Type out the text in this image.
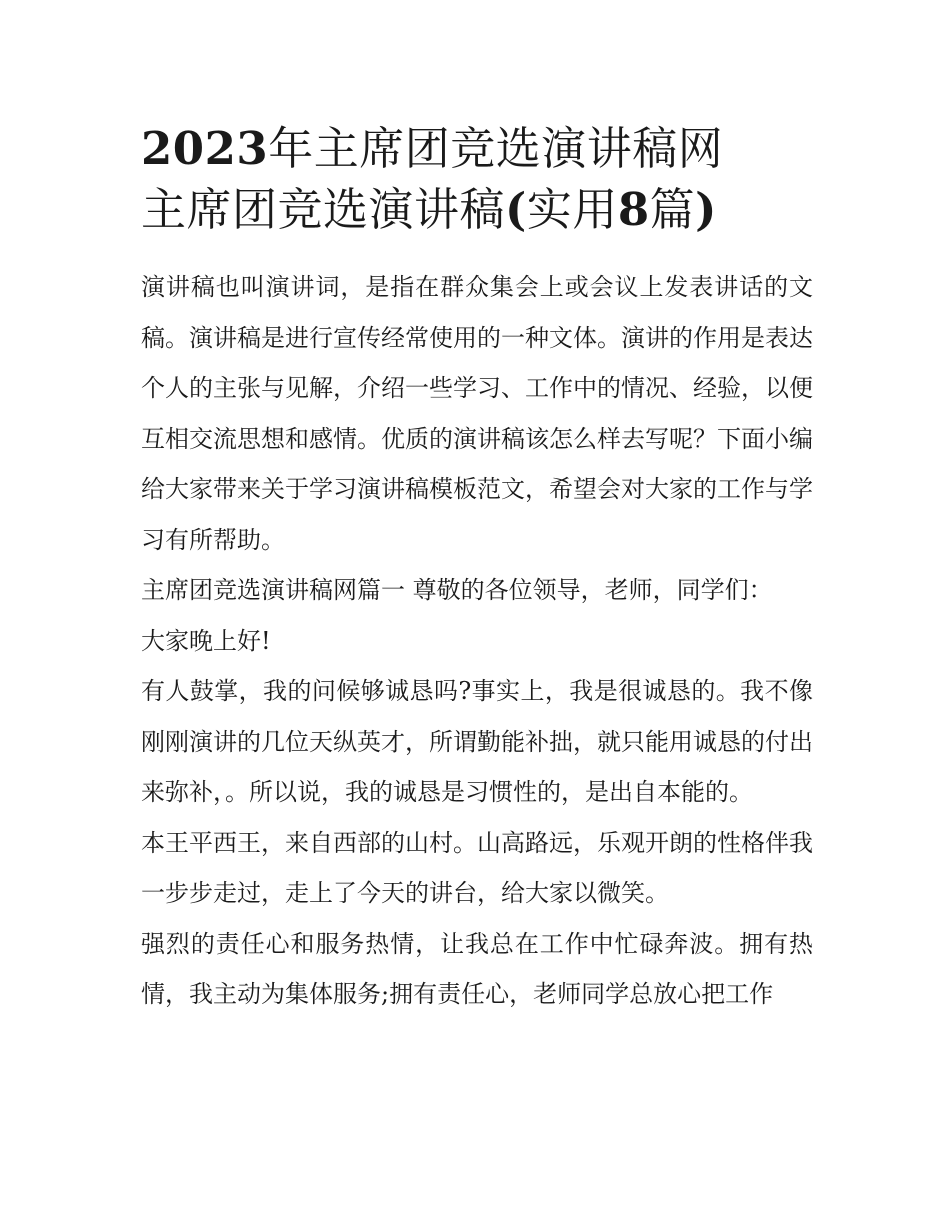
2023年主席团竞选演讲稿网
主席团竞选演讲稿(实用8篇)

演讲稿也叫演讲词，是指在群众集会上或会议上发表讲话的文稿。演讲稿是进行宣传经常使用的一种文体。演讲的作用是表达个人的主张与见解，介绍一些学习、工作中的情况、经验，以便互相交流思想和感情。优质的演讲稿该怎么样去写呢？下面小编给大家带来关于学习演讲稿模板范文，希望会对大家的工作与学习有所帮助。

主席团竞选演讲稿网篇一 尊敬的各位领导，老师，同学们：

大家晚上好!

有人鼓掌，我的问候够诚恳吗?事实上，我是很诚恳的。我不像刚刚演讲的几位天纵英才，所谓勤能补拙，就只能用诚恳的付出来弥补，。所以说，我的诚恳是习惯性的，是出自本能的。

本王平西王，来自西部的山村。山高路远，乐观开朗的性格伴我一步步走过，走上了今天的讲台，给大家以微笑。

强烈的责任心和服务热情，让我总在工作中忙碌奔波。拥有热情，我主动为集体服务;拥有责任心，老师同学总放心把工作
